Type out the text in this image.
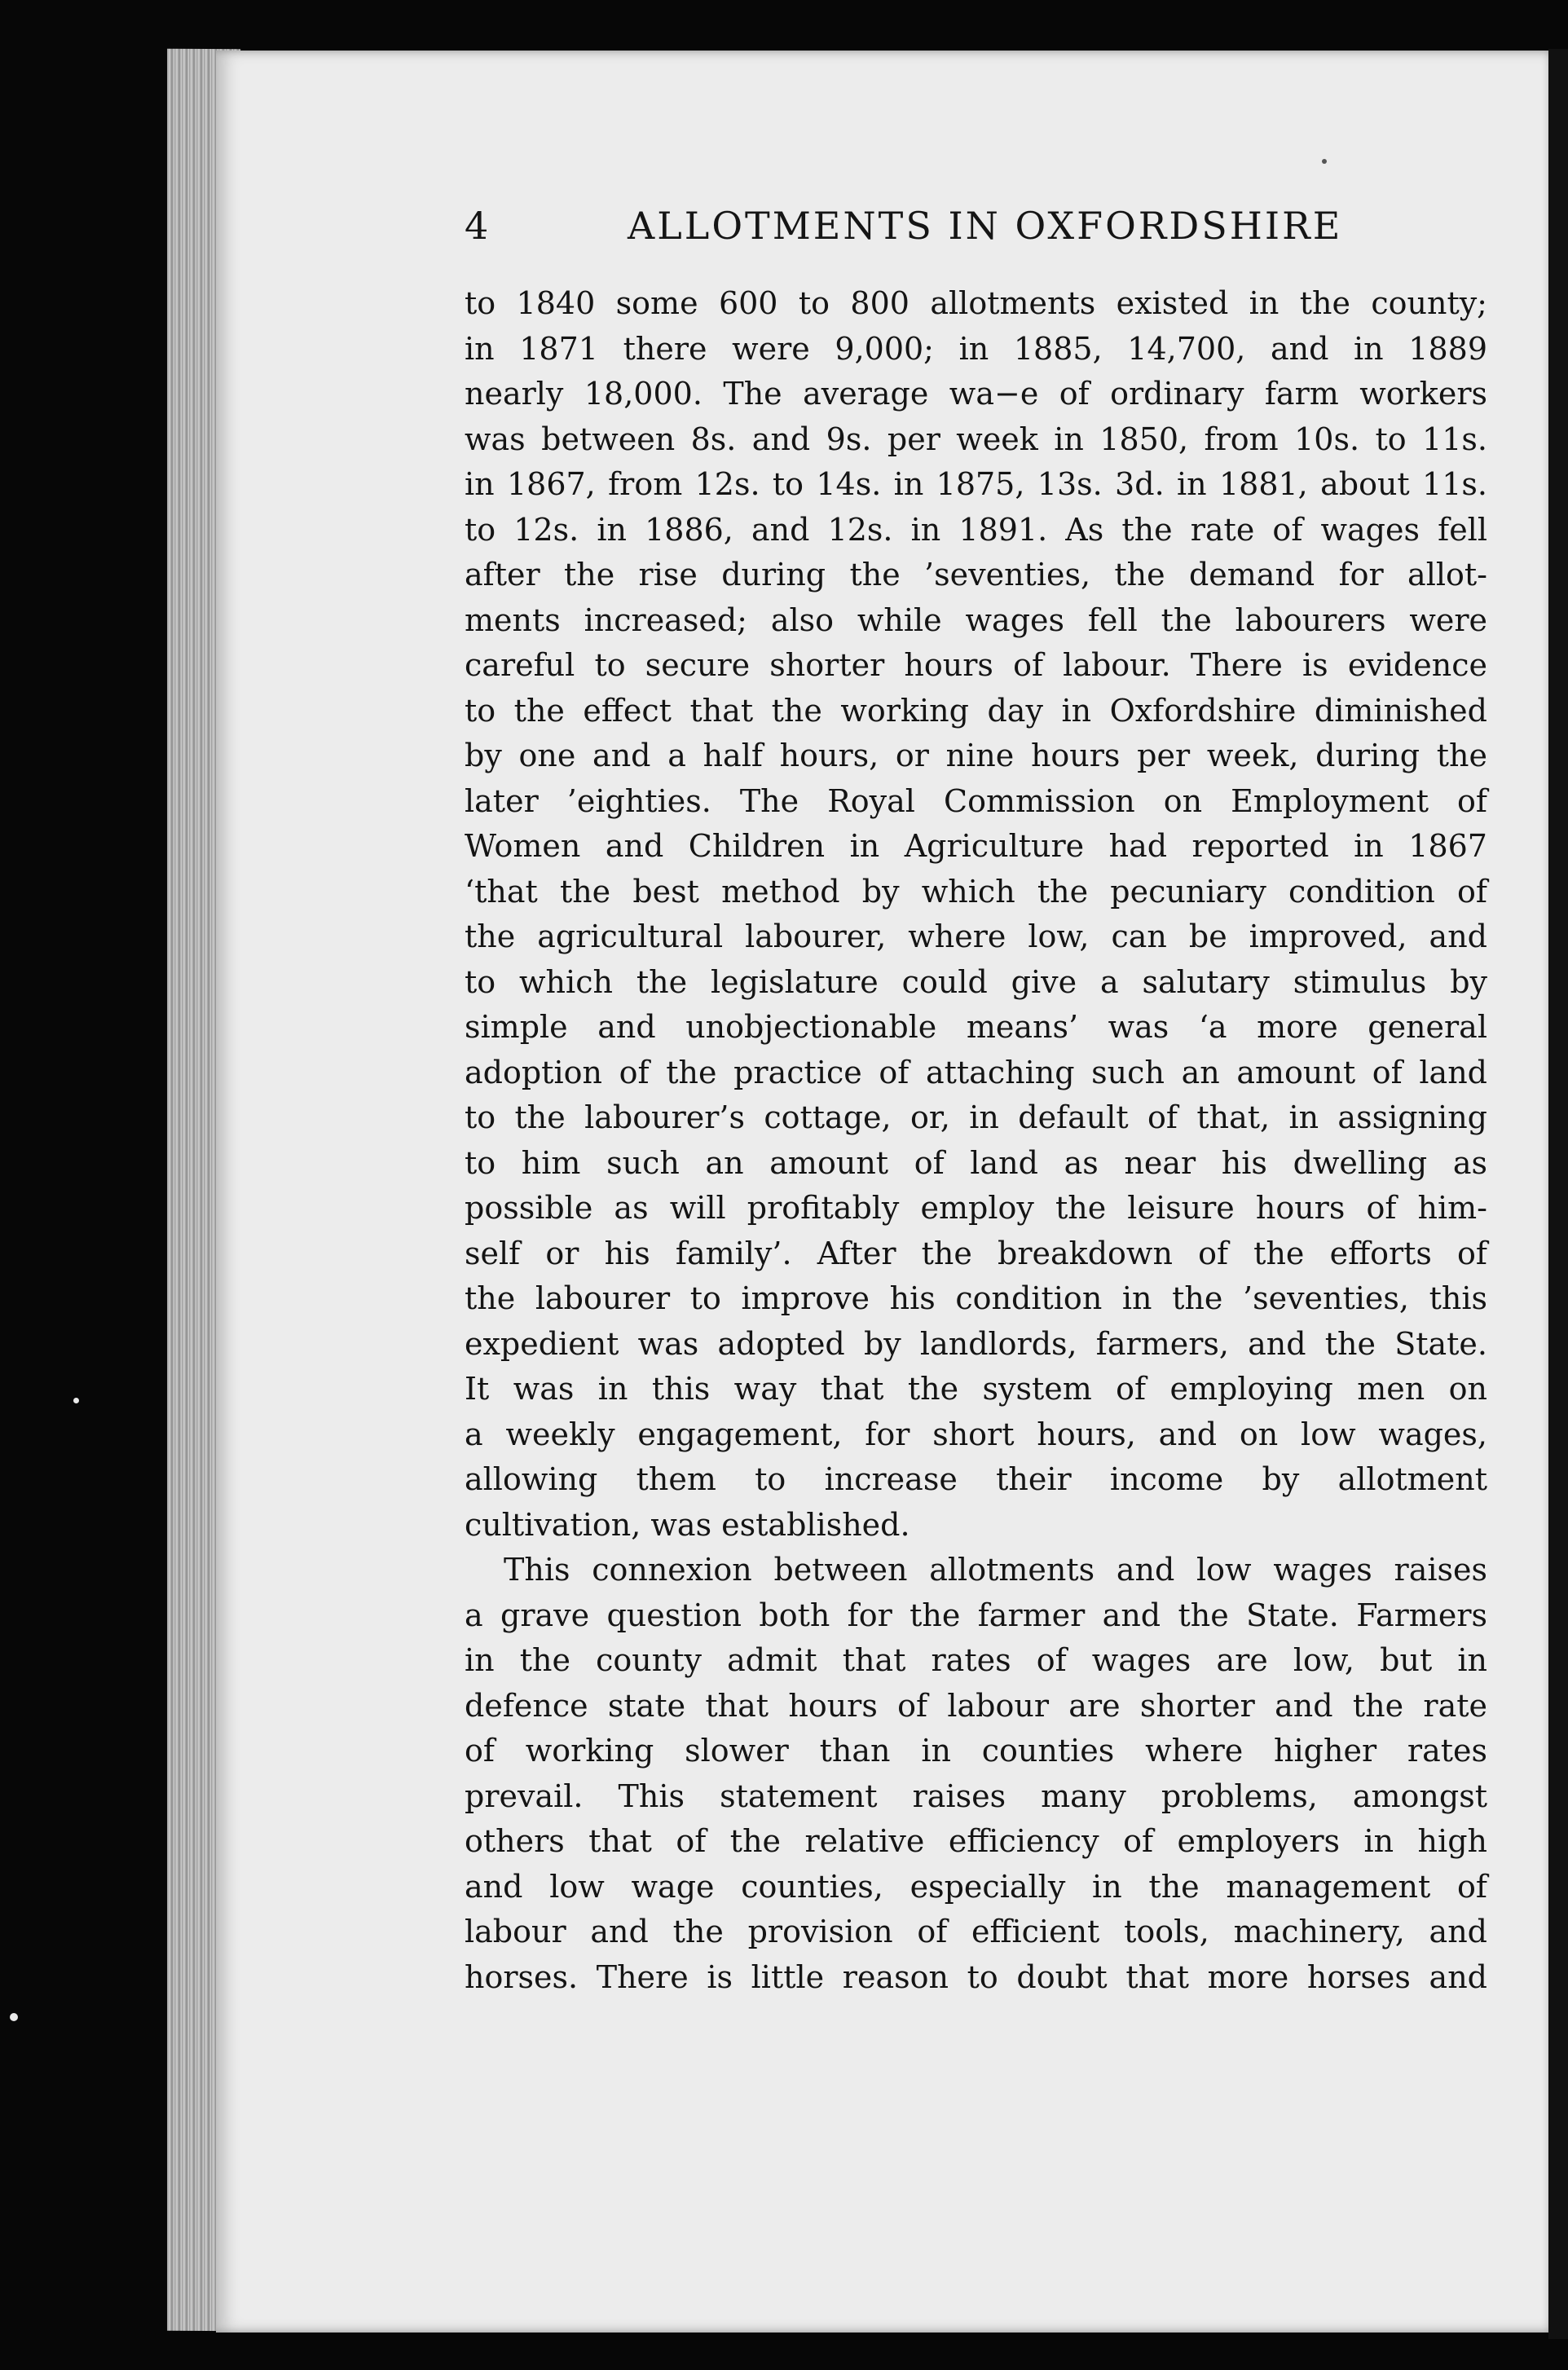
4	ALLOTMENTS IN OXFORDSHIRE
to 1840 some 600 to 800 allotments existed in the county;
in 1871 there were 9,000; in 1885, 14,700, and in 1889
nearly 18,000. The average wa−e of ordinary farm workers
was between 8s. and 9s. per week in 1850, from 10s. to 11s.
in 1867, from 12s. to 14s. in 1875, 13s. 3d. in 1881, about 11s.
to 12s. in 1886, and 12s. in 1891. As the rate of wages fell
after the rise during the ’seventies, the demand for allot-
ments increased; also while wages fell the labourers were
careful to secure shorter hours of labour. There is evidence
to the effect that the working day in Oxfordshire diminished
by one and a half hours, or nine hours per week, during the
later ’eighties. The Royal Commission on Employment of
Women and Children in Agriculture had reported in 1867
‘that the best method by which the pecuniary condition of
the agricultural labourer, where low, can be improved, and
to which the legislature could give a salutary stimulus by
simple and unobjectionable means’ was ‘a more general
adoption of the practice of attaching such an amount of land
to the labourer’s cottage, or, in default of that, in assigning
to him such an amount of land as near his dwelling as
possible as will profitably employ the leisure hours of him-
self or his family’. After the breakdown of the efforts of
the labourer to improve his condition in the ’seventies, this
expedient was adopted by landlords, farmers, and the State.
It was in this way that the system of employing men on
a weekly engagement, for short hours, and on low wages,
allowing them to increase their income by allotment
cultivation, was established.
This connexion between allotments and low wages raises
a grave question both for the farmer and the State. Farmers
in the county admit that rates of wages are low, but in
defence state that hours of labour are shorter and the rate
of working slower than in counties where higher rates
prevail. This statement raises many problems, amongst
others that of the relative efficiency of employers in high
and low wage counties, especially in the management of
labour and the provision of efficient tools, machinery, and
horses. There is little reason to doubt that more horses and
